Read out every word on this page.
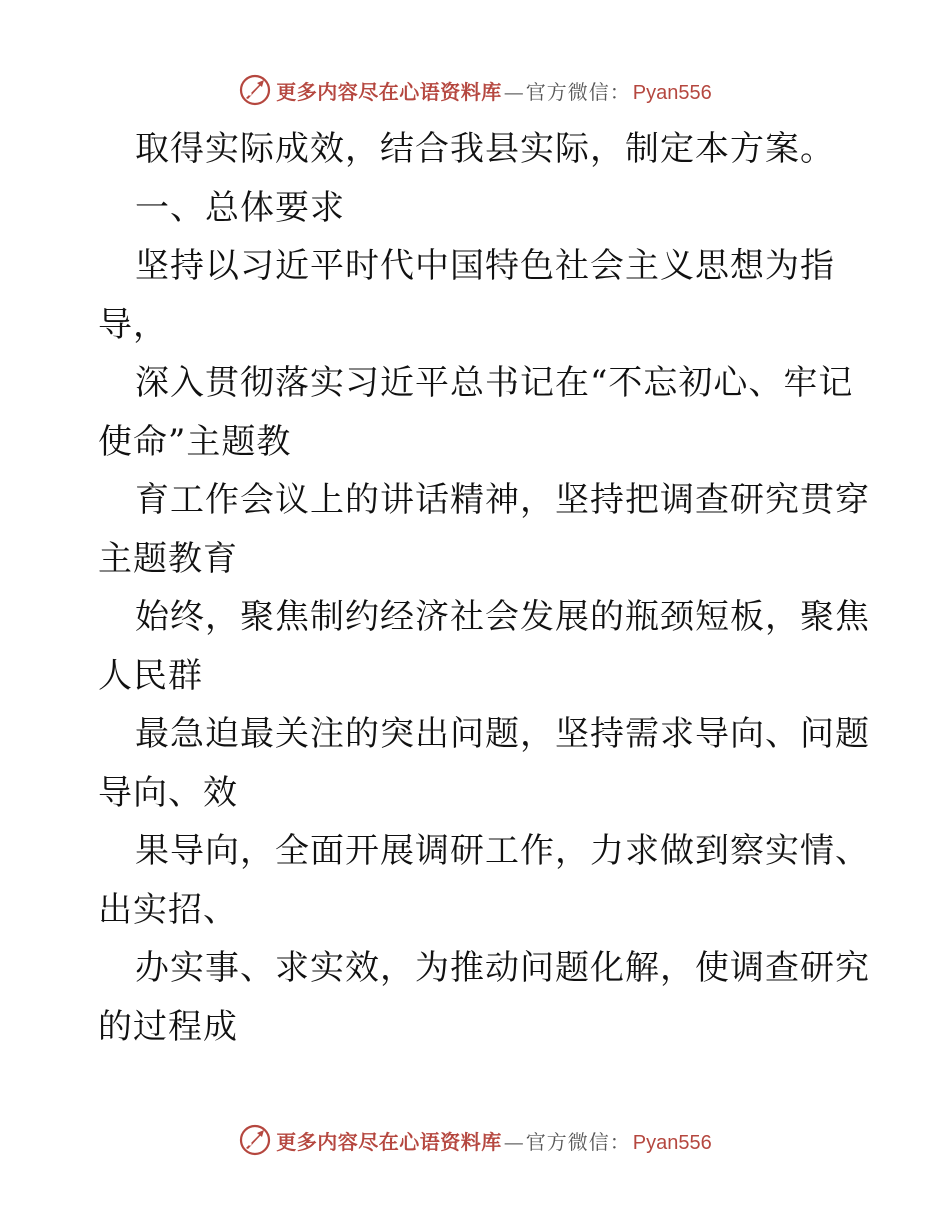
更多内容尽在心语资料库 — 官方微信： Pyan556
取得实际成效，结合我县实际，制定本方案。
一、总体要求
坚持以习近平时代中国特色社会主义思想为指
导，
深入贯彻落实习近平总书记在“不忘初心、牢记
使命”主题教
育工作会议上的讲话精神，坚持把调查研究贯穿
主题教育
始终，聚焦制约经济社会发展的瓶颈短板，聚焦
人民群
最急迫最关注的突出问题，坚持需求导向、问题
导向、效
果导向，全面开展调研工作，力求做到察实情、
出实招、
办实事、求实效，为推动问题化解，使调查研究
的过程成
更多内容尽在心语资料库 — 官方微信： Pyan556
